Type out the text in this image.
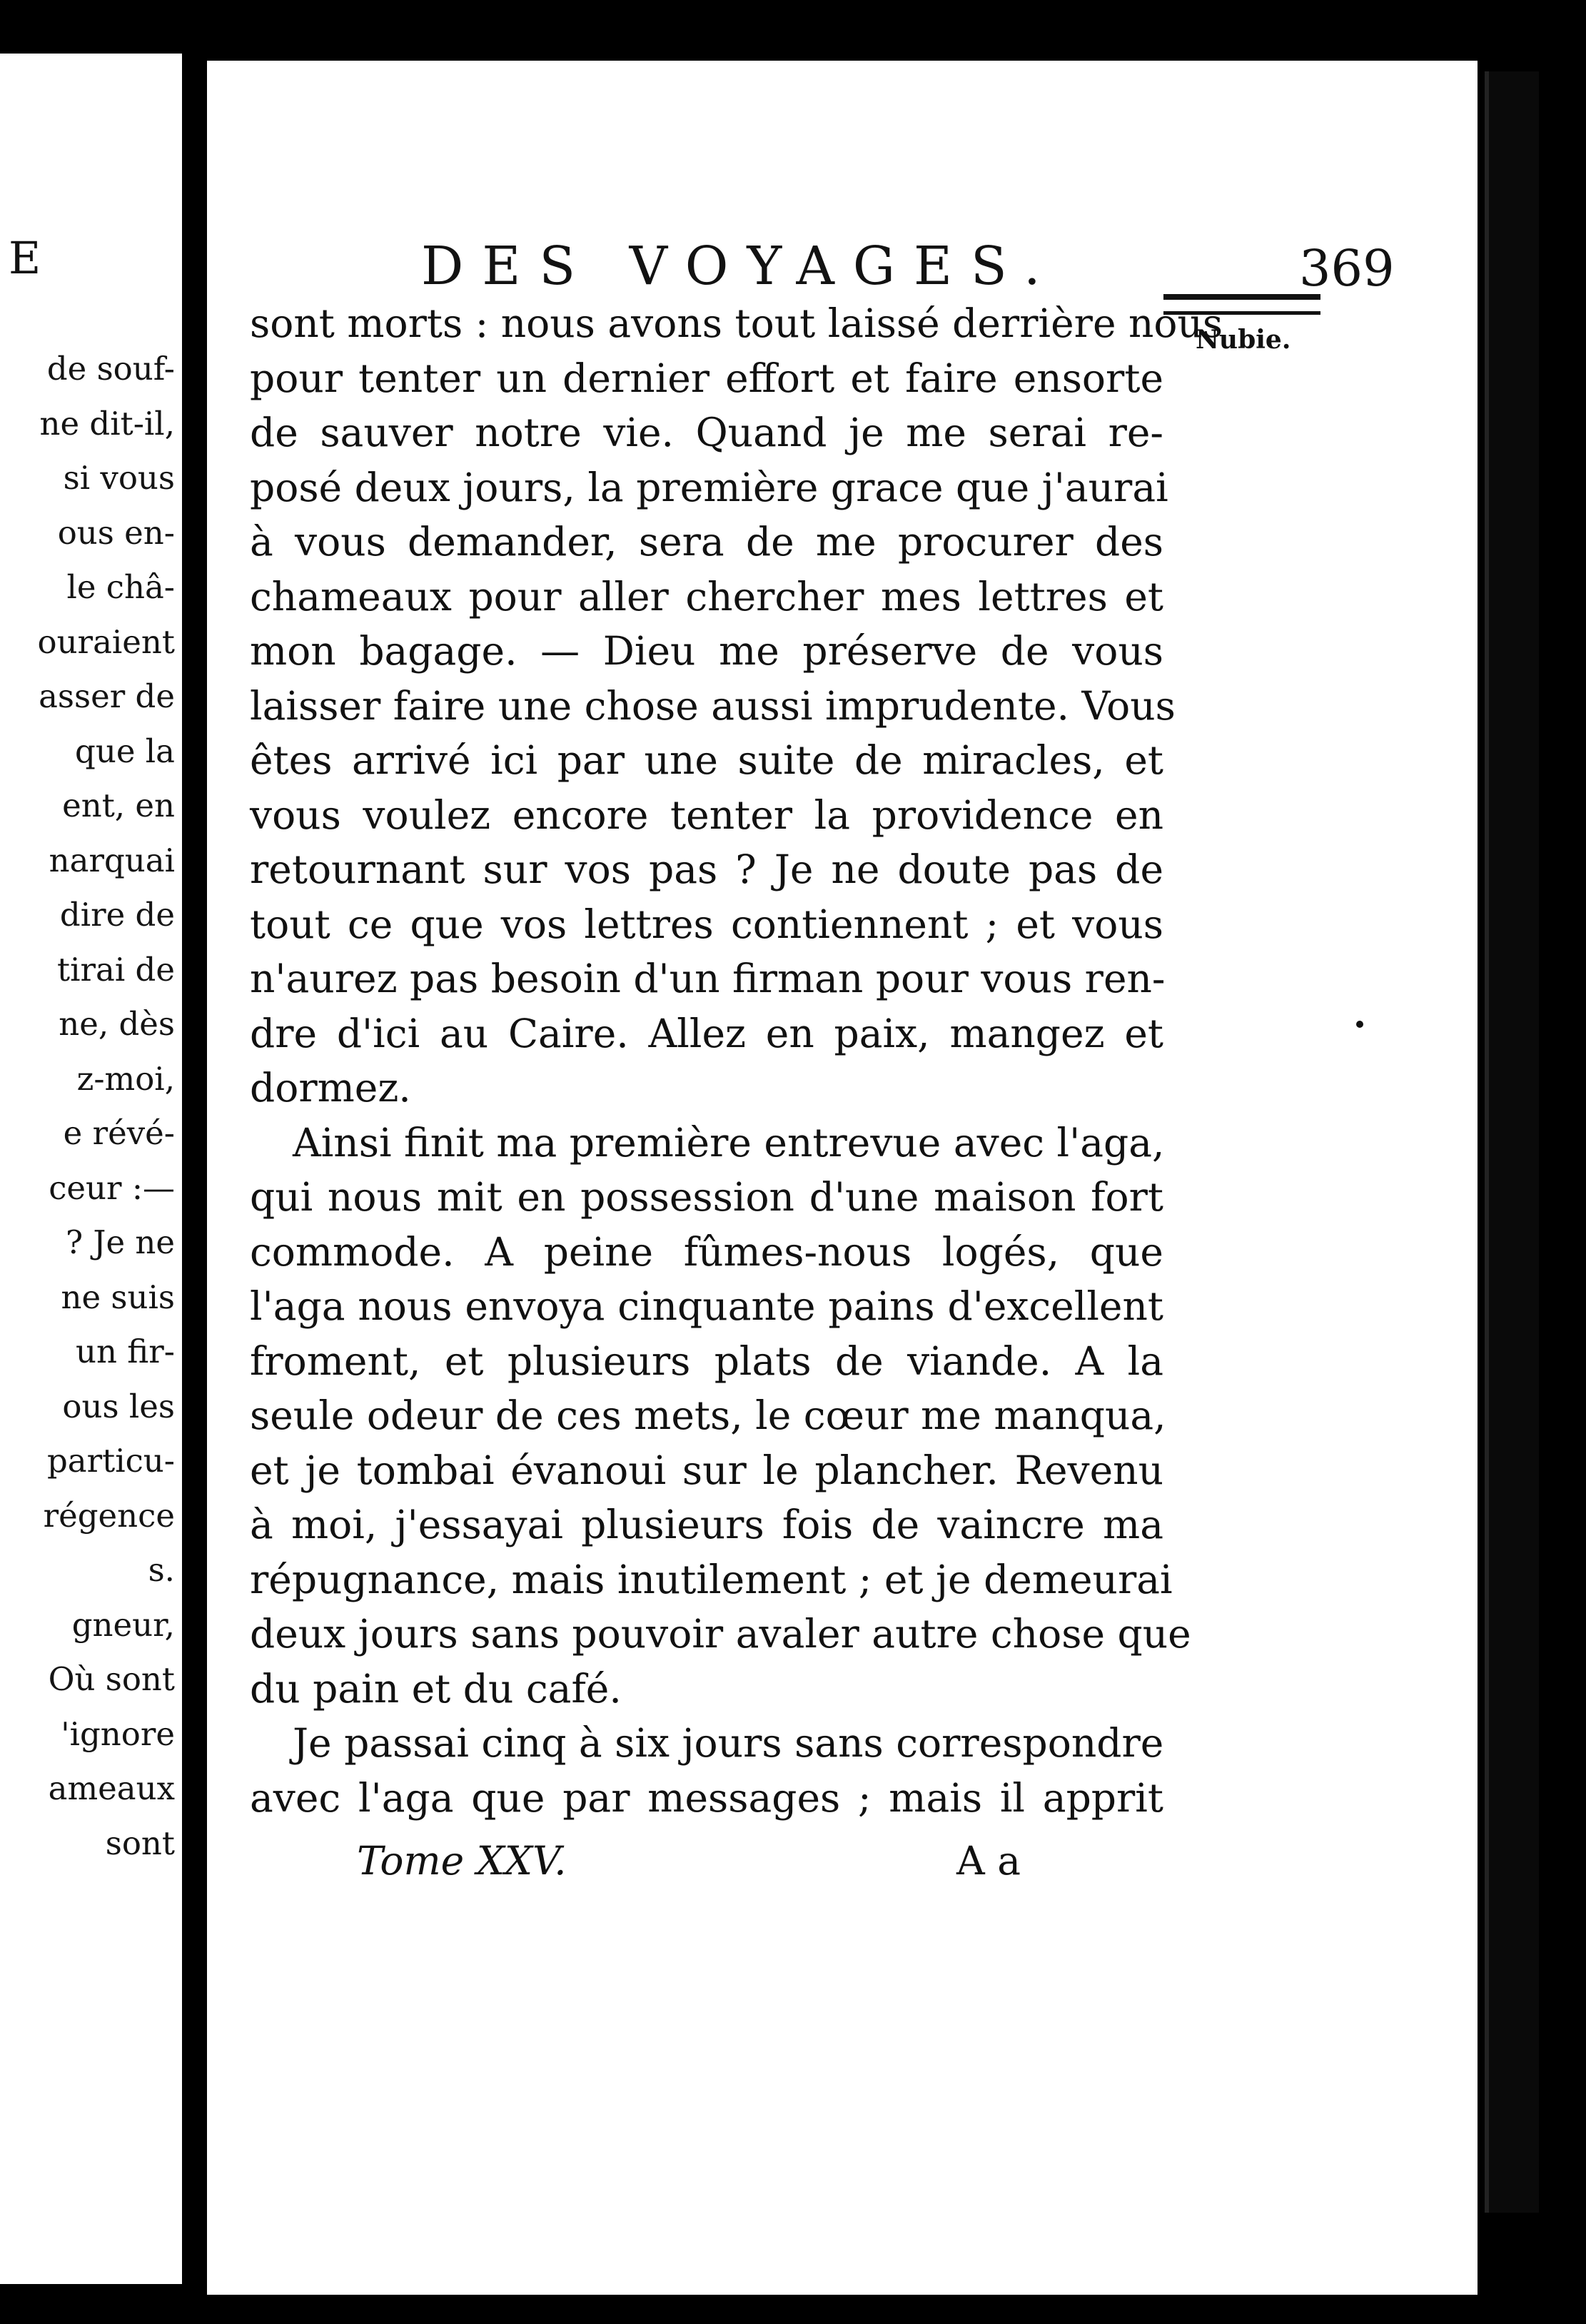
E
de souf-
ne dit-il,
si vous
ous en-
le châ-
ouraient
asser de
que la
ent, en
narquai
dire de
tirai de
ne, dès
z-moi,
e révé-
ceur :—
? Je ne
ne suis
un fir-
ous les
particu-
régence
s.
gneur,
Où sont
'ignore
ameaux
sont
DES VOYAGES.	369
Nubie.
sont morts : nous avons tout laissé derrière nous
pour tenter un dernier effort et faire ensorte
de sauver notre vie. Quand je me serai re-
posé deux jours, la première grace que j'aurai
à vous demander, sera de me procurer des
chameaux pour aller chercher mes lettres et
mon bagage. — Dieu me préserve de vous
laisser faire une chose aussi imprudente. Vous
êtes arrivé ici par une suite de miracles, et
vous voulez encore tenter la providence en
retournant sur vos pas ? Je ne doute pas de
tout ce que vos lettres contiennent ; et vous
n'aurez pas besoin d'un firman pour vous ren-
dre d'ici au Caire. Allez en paix, mangez et
dormez.
Ainsi finit ma première entrevue avec l'aga,
qui nous mit en possession d'une maison fort
commode. A peine fûmes-nous logés, que
l'aga nous envoya cinquante pains d'excellent
froment, et plusieurs plats de viande. A la
seule odeur de ces mets, le cœur me manqua,
et je tombai évanoui sur le plancher. Revenu
à moi, j'essayai plusieurs fois de vaincre ma
répugnance, mais inutilement ; et je demeurai
deux jours sans pouvoir avaler autre chose que
du pain et du café.
Je passai cinq à six jours sans correspondre
avec l'aga que par messages ; mais il apprit
Tome XXV.	A a
